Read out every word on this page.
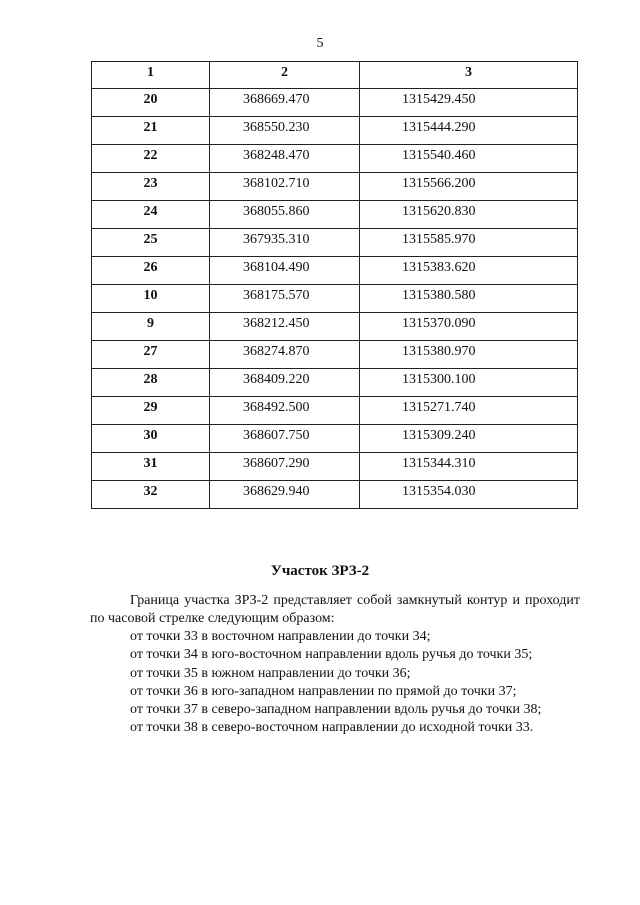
5
1	2	3
20	368669.470	1315429.450
21	368550.230	1315444.290
22	368248.470	1315540.460
23	368102.710	1315566.200
24	368055.860	1315620.830
25	367935.310	1315585.970
26	368104.490	1315383.620
10	368175.570	1315380.580
9	368212.450	1315370.090
27	368274.870	1315380.970
28	368409.220	1315300.100
29	368492.500	1315271.740
30	368607.750	1315309.240
31	368607.290	1315344.310
32	368629.940	1315354.030
Участок ЗРЗ-2

Граница участка ЗРЗ-2 представляет собой замкнутый контур и проходит по часовой стрелке следующим образом:

от точки 33 в восточном направлении до точки 34;
от точки 34 в юго-восточном направлении вдоль ручья до точки 35;
от точки 35 в южном направлении до точки 36;
от точки 36 в юго-западном направлении по прямой до точки 37;
от точки 37 в северо-западном направлении вдоль ручья до точки 38;
от точки 38 в северо-восточном направлении до исходной точки 33.
